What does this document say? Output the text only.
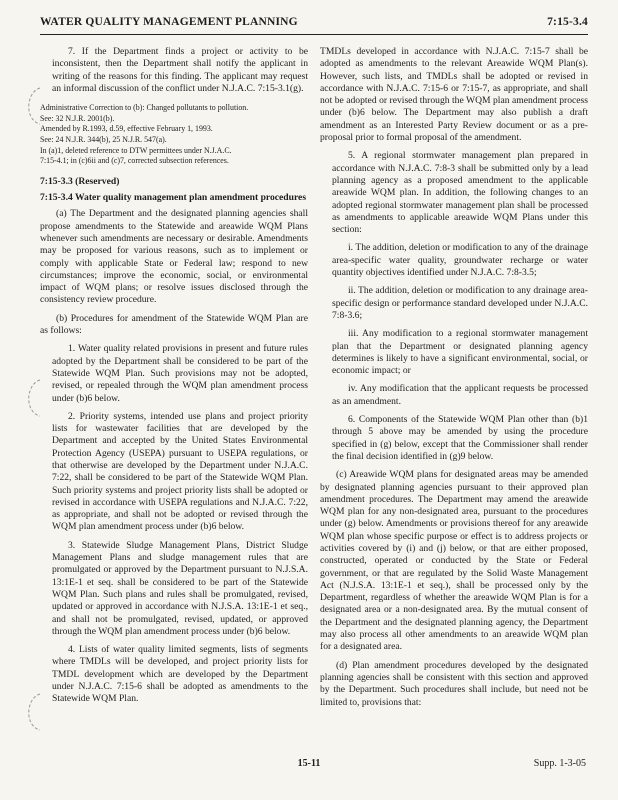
WATER QUALITY MANAGEMENT PLANNING	7:15-3.4

7. If the Department finds a project or activity to be inconsistent, then the Department shall notify the applicant in writing of the reasons for this finding. The applicant may request an informal discussion of the conflict under N.J.A.C. 7:15-3.1(g).

Administrative Correction to (b): Changed pollutants to pollution.

See: 32 N.J.R. 2001(b).

Amended by R.1993, d.59, effective February 1, 1993.

See: 24 N.J.R. 344(b), 25 N.J.R. 547(a).

In (a)1, deleted reference to DTW permittees under N.J.A.C.

7:15-4.1; in (c)6ii and (c)7, corrected subsection references.

7:15-3.3 (Reserved)

7:15-3.4 Water quality management plan amendment procedures

(a) The Department and the designated planning agencies shall propose amendments to the Statewide and areawide WQM Plans whenever such amendments are necessary or desirable. Amendments may be proposed for various reasons, such as to implement or comply with applicable State or Federal law; respond to new circumstances; improve the economic, social, or environmental impact of WQM plans; or resolve issues disclosed through the consistency review procedure.

(b) Procedures for amendment of the Statewide WQM Plan are as follows:

1. Water quality related provisions in present and future rules adopted by the Department shall be considered to be part of the Statewide WQM Plan. Such provisions may not be adopted, revised, or repealed through the WQM plan amendment process under (b)6 below.

2. Priority systems, intended use plans and project priority lists for wastewater facilities that are developed by the Department and accepted by the United States Environmental Protection Agency (USEPA) pursuant to USEPA regulations, or that otherwise are developed by the Department under N.J.A.C. 7:22, shall be considered to be part of the Statewide WQM Plan. Such priority systems and project priority lists shall be adopted or revised in accordance with USEPA regulations and N.J.A.C. 7:22, as appropriate, and shall not be adopted or revised through the WQM plan amendment process under (b)6 below.

3. Statewide Sludge Management Plans, District Sludge Management Plans and sludge management rules that are promulgated or approved by the Department pursuant to N.J.S.A. 13:1E-1 et seq. shall be considered to be part of the Statewide WQM Plan. Such plans and rules shall be promulgated, revised, updated or approved in accordance with N.J.S.A. 13:1E-1 et seq., and shall not be promulgated, revised, updated, or approved through the WQM plan amendment process under (b)6 below.

4. Lists of water quality limited segments, lists of segments where TMDLs will be developed, and project priority lists for TMDL development which are developed by the Department under N.J.A.C. 7:15-6 shall be adopted as amendments to the Statewide WQM Plan.

TMDLs developed in accordance with N.J.A.C. 7:15-7 shall be adopted as amendments to the relevant Areawide WQM Plan(s). However, such lists, and TMDLs shall be adopted or revised in accordance with N.J.A.C. 7:15-6 or 7:15-7, as appropriate, and shall not be adopted or revised through the WQM plan amendment process under (b)6 below. The Department may also publish a draft amendment as an Interested Party Review document or as a pre-proposal prior to formal proposal of the amendment.

5. A regional stormwater management plan prepared in accordance with N.J.A.C. 7:8-3 shall be submitted only by a lead planning agency as a proposed amendment to the applicable areawide WQM plan. In addition, the following changes to an adopted regional stormwater management plan shall be processed as amendments to applicable areawide WQM Plans under this section:

i. The addition, deletion or modification to any of the drainage area-specific water quality, groundwater recharge or water quantity objectives identified under N.J.A.C. 7:8-3.5;

ii. The addition, deletion or modification to any drainage area-specific design or performance standard developed under N.J.A.C. 7:8-3.6;

iii. Any modification to a regional stormwater management plan that the Department or designated planning agency determines is likely to have a significant environmental, social, or economic impact; or

iv. Any modification that the applicant requests be processed as an amendment.

6. Components of the Statewide WQM Plan other than (b)1 through 5 above may be amended by using the procedure specified in (g) below, except that the Commissioner shall render the final decision identified in (g)9 below.

(c) Areawide WQM plans for designated areas may be amended by designated planning agencies pursuant to their approved plan amendment procedures. The Department may amend the areawide WQM plan for any non-designated area, pursuant to the procedures under (g) below. Amendments or provisions thereof for any areawide WQM plan whose specific purpose or effect is to address projects or activities covered by (i) and (j) below, or that are either proposed, constructed, operated or conducted by the State or Federal government, or that are regulated by the Solid Waste Management Act (N.J.S.A. 13:1E-1 et seq.), shall be processed only by the Department, regardless of whether the areawide WQM Plan is for a designated area or a non-designated area. By the mutual consent of the Department and the designated planning agency, the Department may also process all other amendments to an areawide WQM plan for a designated area.

(d) Plan amendment procedures developed by the designated planning agencies shall be consistent with this section and approved by the Department. Such procedures shall include, but need not be limited to, provisions that:

15-11	Supp. 1-3-05
